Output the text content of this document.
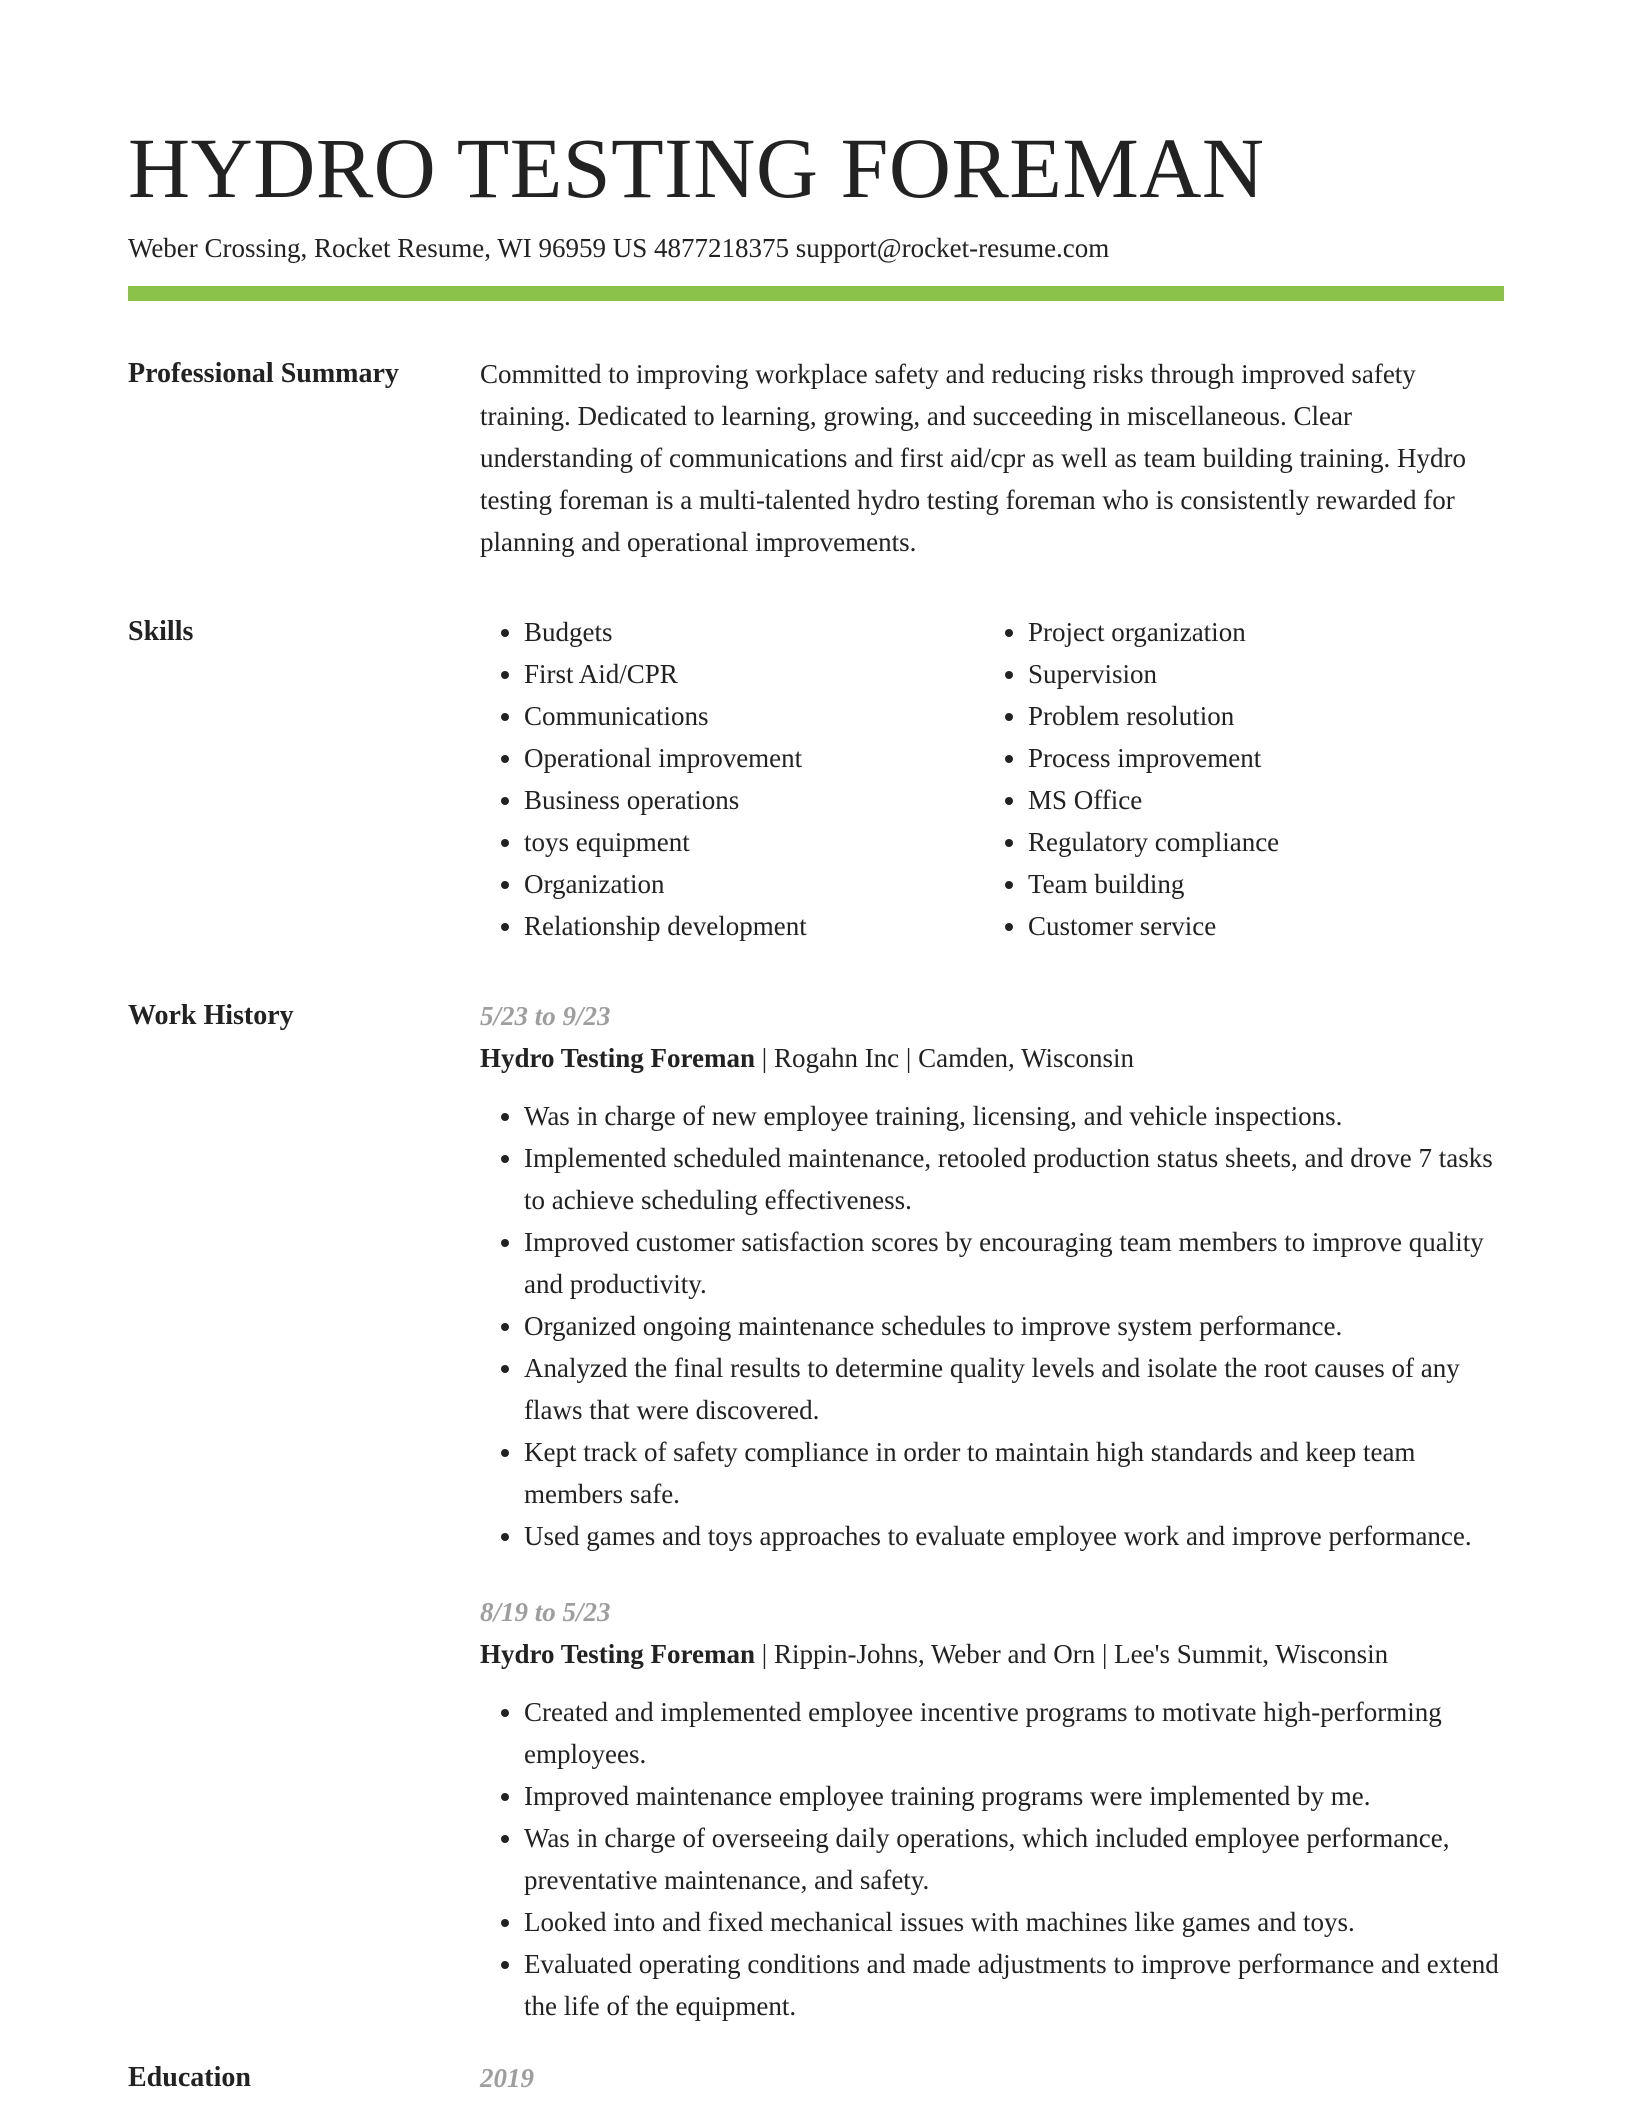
HYDRO TESTING FOREMAN
Weber Crossing, Rocket Resume, WI 96959 US 4877218375 support@rocket-resume.com
Professional Summary	Committed to improving workplace safety and reducing risks through improved safety training. Dedicated to learning, growing, and succeeding in miscellaneous. Clear understanding of communications and first aid/cpr as well as team building training. Hydro testing foreman is a multi-talented hydro testing foreman who is consistently rewarded for planning and operational improvements.

Skills
•	Budgets
• First Aid/CPR
• Communications
• Operational improvement
• Business operations
• toys equipment
• Organization
• Relationship development
• Project organization
• Supervision
• Problem resolution
• Process improvement
• MS Office
• Regulatory compliance
• Team building
• Customer service
Work History	5/23 to 9/23
Hydro Testing Foreman | Rogahn Inc | Camden, Wisconsin
• Was in charge of new employee training, licensing, and vehicle inspections.
• Implemented scheduled maintenance, retooled production status sheets, and drove 7 tasks to achieve scheduling effectiveness.
• Improved customer satisfaction scores by encouraging team members to improve quality and productivity.
• Organized ongoing maintenance schedules to improve system performance.
• Analyzed the final results to determine quality levels and isolate the root causes of any flaws that were discovered.
• Kept track of safety compliance in order to maintain high standards and keep team members safe.
• Used games and toys approaches to evaluate employee work and improve performance.
8/19 to 5/23
Hydro Testing Foreman | Rippin-Johns, Weber and Orn | Lee's Summit, Wisconsin
• Created and implemented employee incentive programs to motivate high-performing employees.
• Improved maintenance employee training programs were implemented by me.
• Was in charge of overseeing daily operations, which included employee performance, preventative maintenance, and safety.
• Looked into and fixed mechanical issues with machines like games and toys.
• Evaluated operating conditions and made adjustments to improve performance and extend the life of the equipment.
Education	2019
